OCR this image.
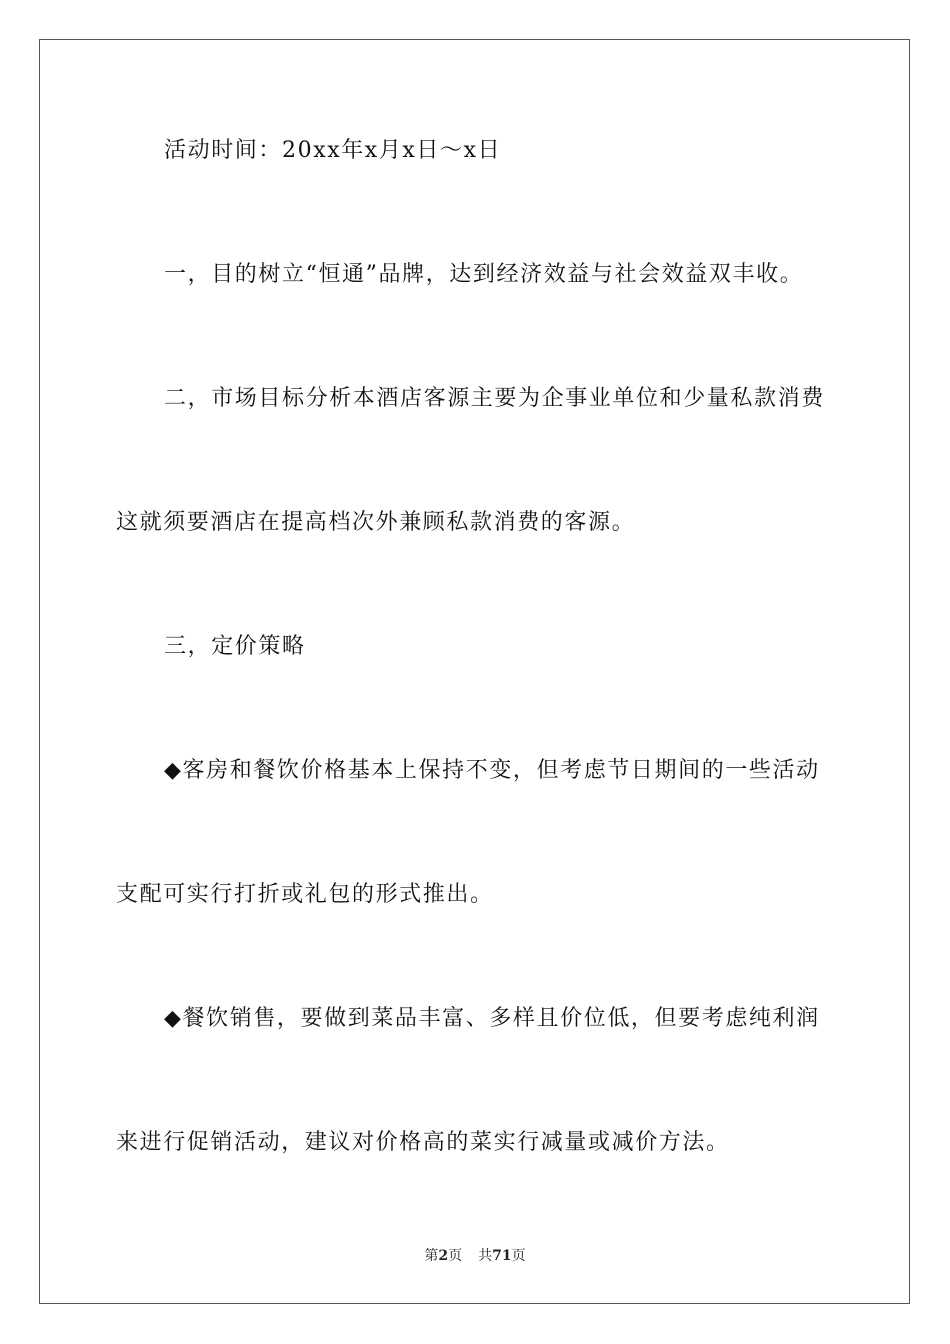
活动时间：20xx年x月x日～x日
一，目的树立“恒通”品牌，达到经济效益与社会效益双丰收。
二，市场目标分析本酒店客源主要为企事业单位和少量私款消费
这就须要酒店在提高档次外兼顾私款消费的客源。
三，定价策略
◆客房和餐饮价格基本上保持不变，但考虑节日期间的一些活动
支配可实行打折或礼包的形式推出。
◆餐饮销售，要做到菜品丰富、多样且价位低，但要考虑纯利润
来进行促销活动，建议对价格高的菜实行减量或减价方法。
第2页 共71页
